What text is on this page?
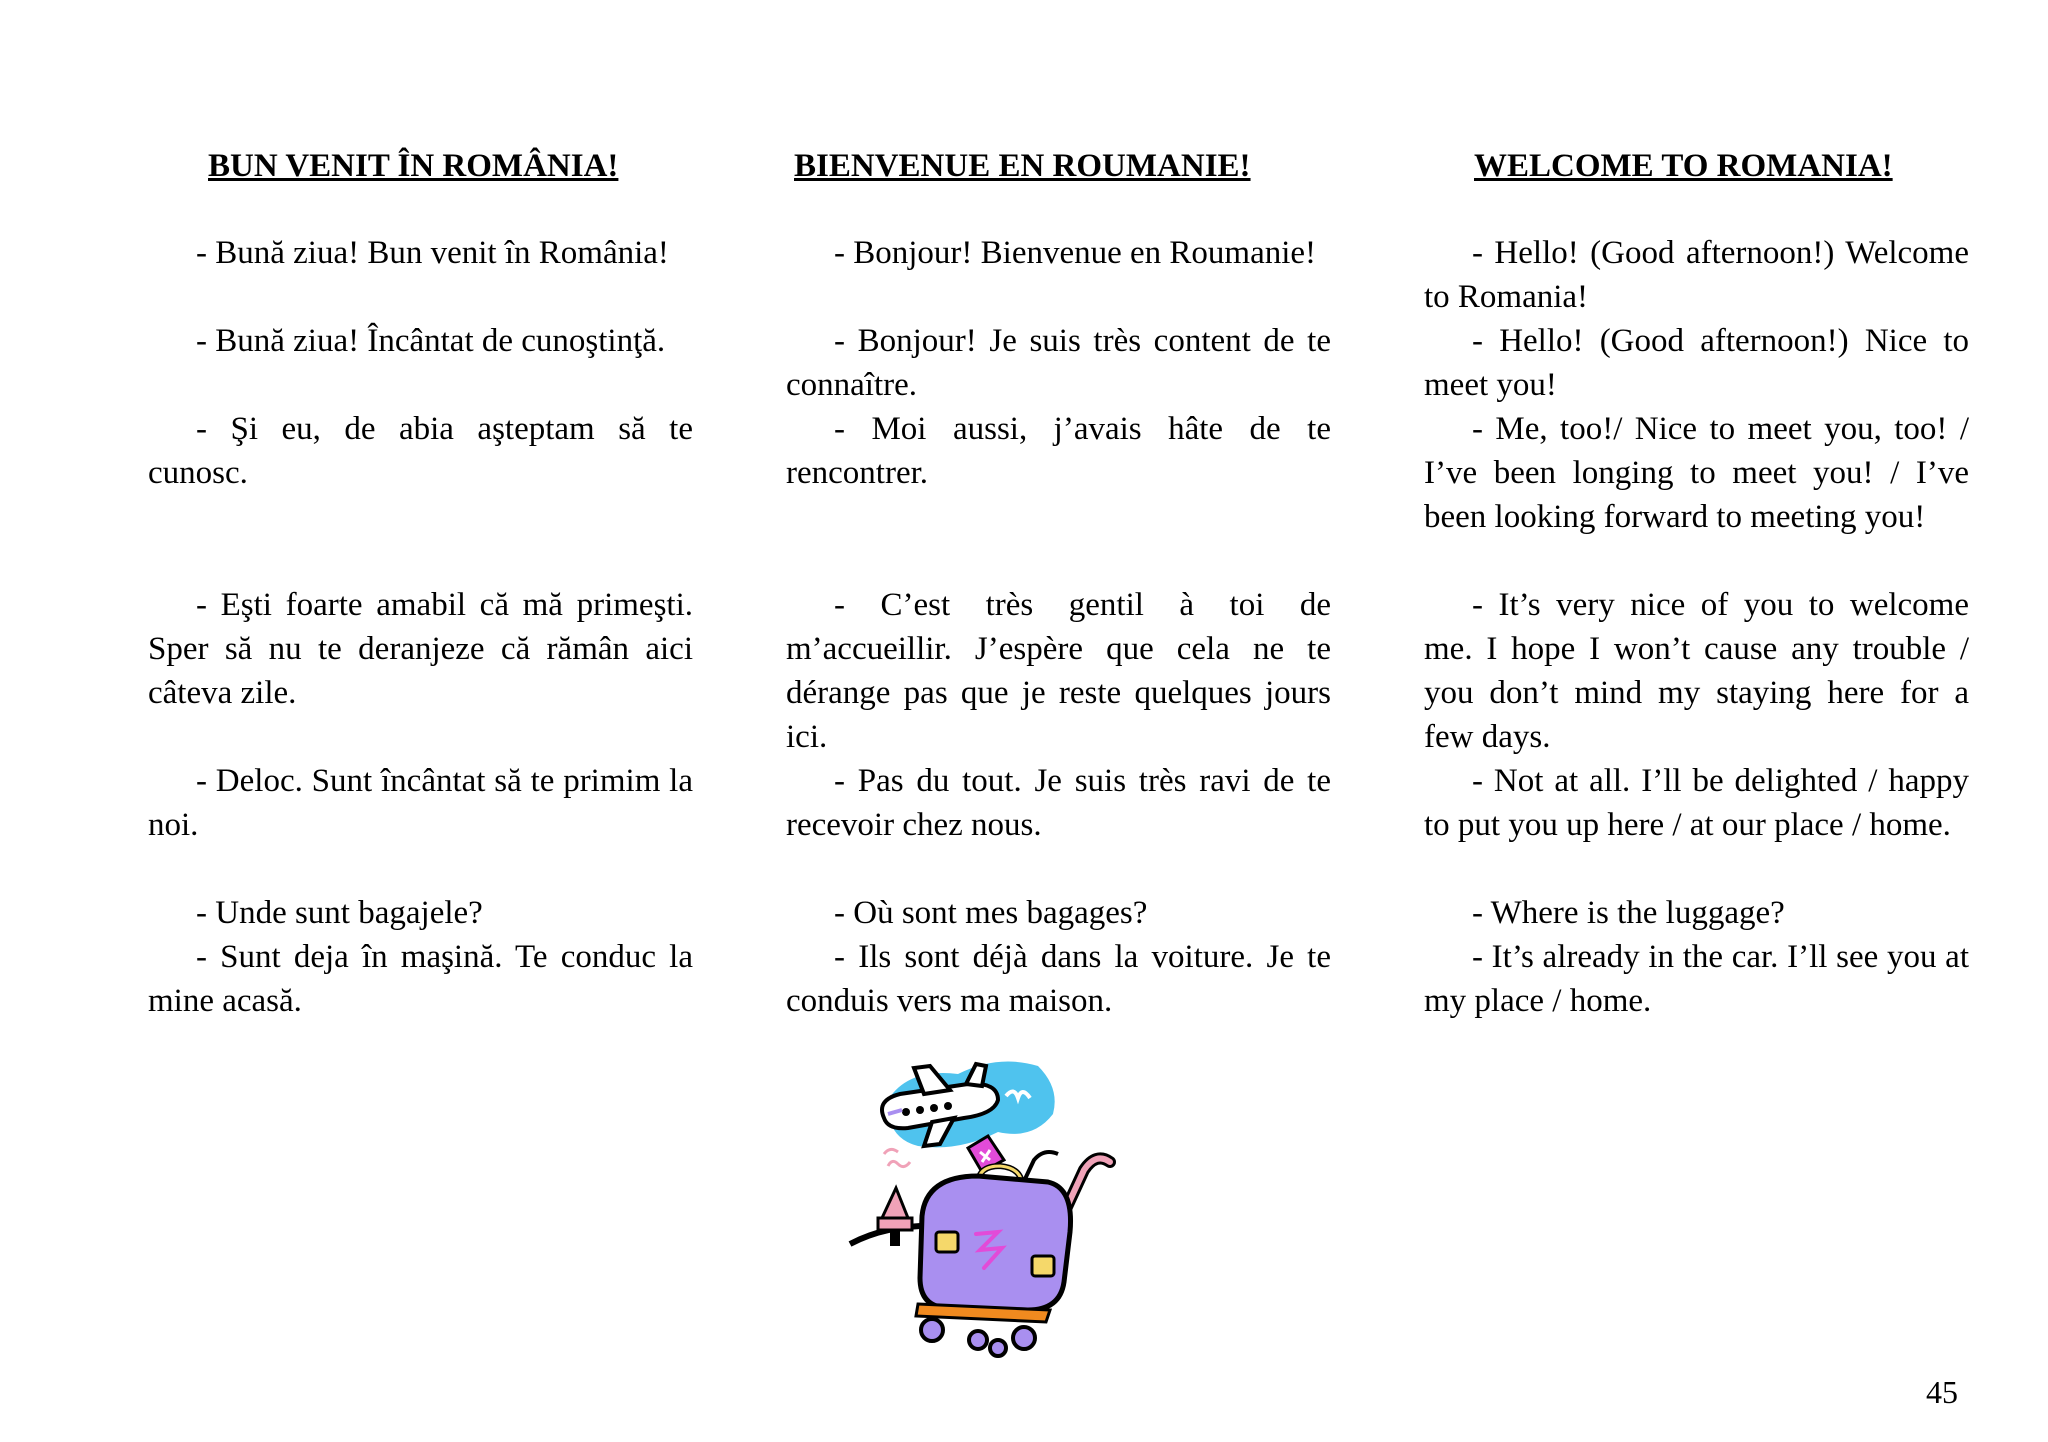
BUN VENIT ÎN ROMÂNIA!

- Bună ziua! Bun venit în România!

- Bună ziua! Încântat de cunoştinţă.

- Şi eu, de abia aşteptam să te cunosc.

- Eşti foarte amabil că mă primeşti. Sper să nu te deranjeze că rămân aici câteva zile.

- Deloc. Sunt încântat să te primim la noi.

- Unde sunt bagajele?

- Sunt deja în maşină. Te conduc la mine acasă.

BIENVENUE EN ROUMANIE!

- Bonjour! Bienvenue en Roumanie!

- Bonjour! Je suis très content de te connaître.

- Moi aussi, j’avais hâte de te rencontrer.

- C’est très gentil à toi de m’accueillir. J’espère que cela ne te dérange pas que je reste quelques jours ici.

- Pas du tout. Je suis très ravi de te recevoir chez nous.

- Où sont mes bagages?

- Ils sont déjà dans la voiture. Je te conduis vers ma maison.

WELCOME TO ROMANIA!

- Hello! (Good afternoon!) Welcome to Romania!

- Hello! (Good afternoon!) Nice to meet you!

- Me, too!/ Nice to meet you, too! / I’ve been longing to meet you! / I’ve been looking forward to meeting you!

- It’s very nice of you to welcome me. I hope I won’t cause any trouble / you don’t mind my staying here for a few days.

- Not at all. I’ll be delighted / happy to put you up here / at our place / home.

- Where is the luggage?

- It’s already in the car. I’ll see you at my place / home.

45
